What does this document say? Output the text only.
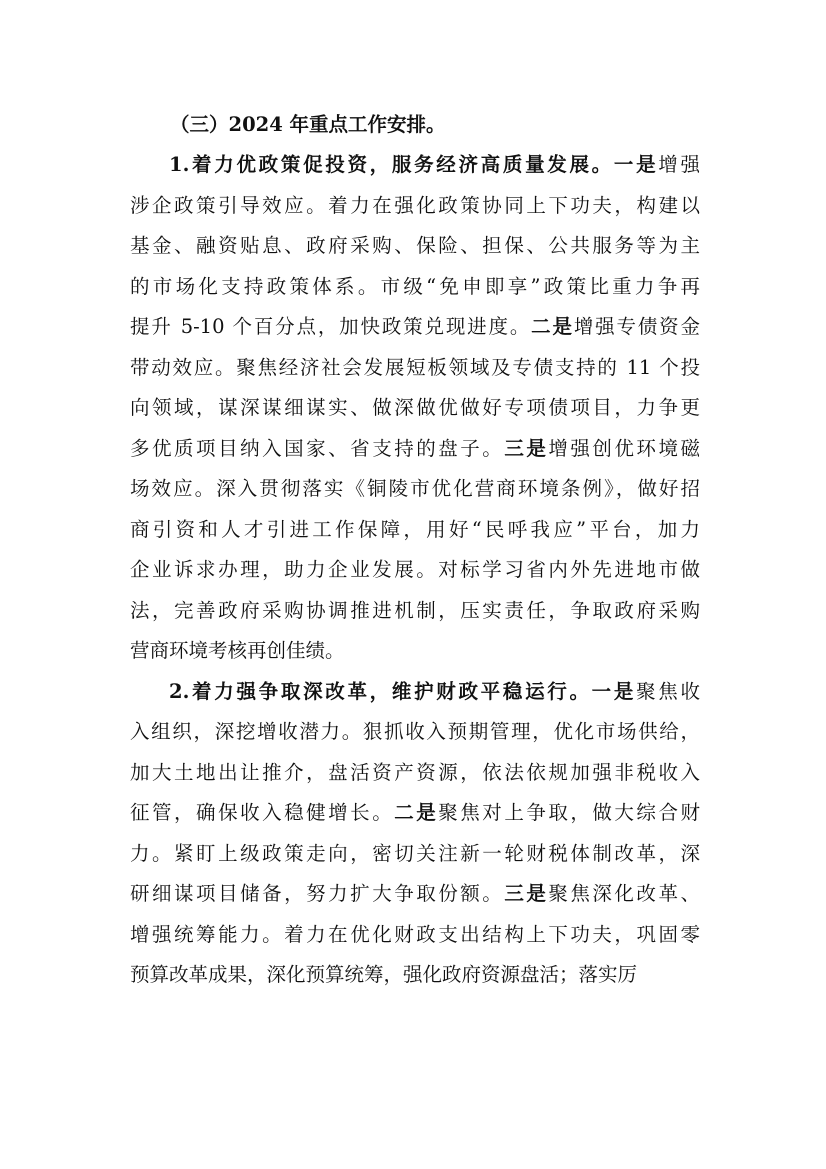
（三）2024 年重点工作安排。

1.着力优政策促投资，服务经济高质量发展。一是增强
涉企政策引导效应。着力在强化政策协同上下功夫，构建以
基金、融资贴息、政府采购、保险、担保、公共服务等为主
的市场化支持政策体系。市级“免申即享”政策比重力争再
提升 5-10 个百分点，加快政策兑现进度。二是增强专债资金
带动效应。聚焦经济社会发展短板领域及专债支持的 11 个投
向领域，谋深谋细谋实、做深做优做好专项债项目，力争更
多优质项目纳入国家、省支持的盘子。三是增强创优环境磁
场效应。深入贯彻落实《铜陵市优化营商环境条例》，做好招
商引资和人才引进工作保障，用好“民呼我应”平台，加力
企业诉求办理，助力企业发展。对标学习省内外先进地市做
法，完善政府采购协调推进机制，压实责任，争取政府采购
营商环境考核再创佳绩。
2.着力强争取深改革，维护财政平稳运行。一是聚焦收
入组织，深挖增收潜力。狠抓收入预期管理，优化市场供给，
加大土地出让推介，盘活资产资源，依法依规加强非税收入
征管，确保收入稳健增长。二是聚焦对上争取，做大综合财
力。紧盯上级政策走向，密切关注新一轮财税体制改革，深
研细谋项目储备，努力扩大争取份额。三是聚焦深化改革、
增强统筹能力。着力在优化财政支出结构上下功夫，巩固零
预算改革成果，深化预算统筹，强化政府资源盘活；落实厉
